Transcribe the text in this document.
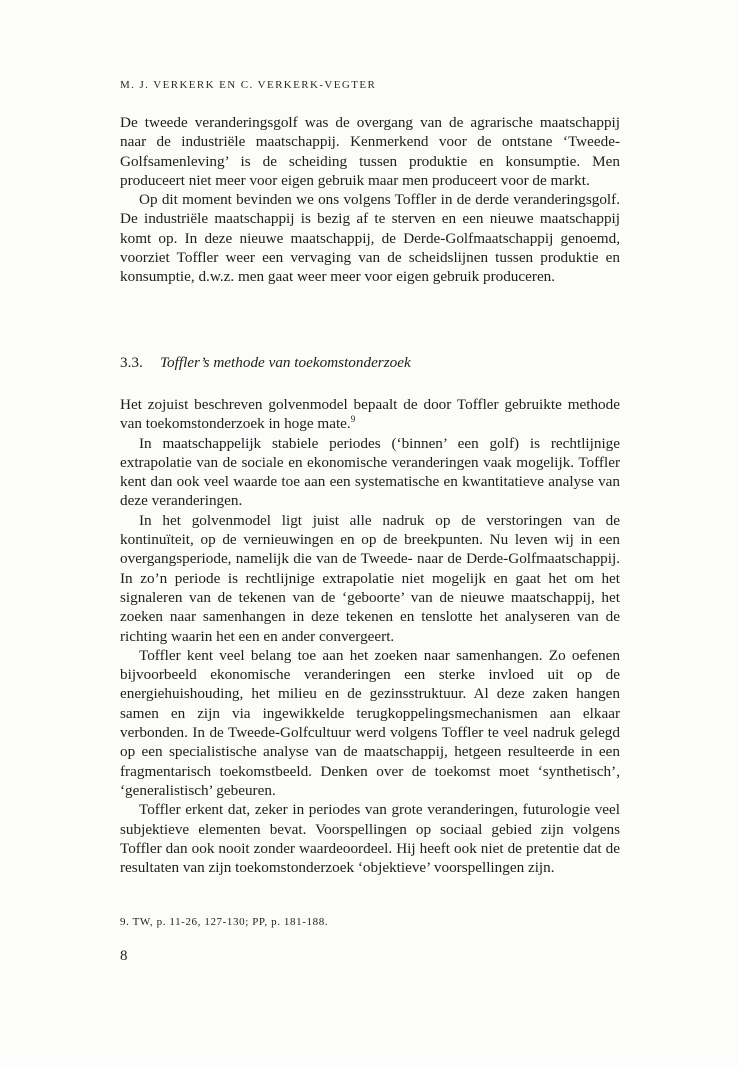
M. J. VERKERK EN C. VERKERK-VEGTER

De tweede veranderingsgolf was de overgang van de agrarische maatschappij naar de industriële maatschappij. Kenmerkend voor de ontstane ‘Tweede-Golfsamenleving’ is de scheiding tussen produktie en konsumptie. Men produceert niet meer voor eigen gebruik maar men produceert voor de markt.

Op dit moment bevinden we ons volgens Toffler in de derde veranderingsgolf. De industriële maatschappij is bezig af te sterven en een nieuwe maatschappij komt op. In deze nieuwe maatschappij, de Derde-Golfmaatschappij genoemd, voorziet Toffler weer een vervaging van de scheidslijnen tussen produktie en konsumptie, d.w.z. men gaat weer meer voor eigen gebruik produceren.

3.3. Toffler’s methode van toekomstonderzoek

Het zojuist beschreven golvenmodel bepaalt de door Toffler gebruikte methode van toekomstonderzoek in hoge mate.$^9$

In maatschappelijk stabiele periodes (‘binnen’ een golf) is rechtlijnige extrapolatie van de sociale en ekonomische veranderingen vaak mogelijk. Toffler kent dan ook veel waarde toe aan een systematische en kwantitatieve analyse van deze veranderingen.

In het golvenmodel ligt juist alle nadruk op de verstoringen van de kontinuïteit, op de vernieuwingen en op de breekpunten. Nu leven wij in een overgangsperiode, namelijk die van de Tweede- naar de Derde-Golfmaatschappij. In zo’n periode is rechtlijnige extrapolatie niet mogelijk en gaat het om het signaleren van de tekenen van de ‘geboorte’ van de nieuwe maatschappij, het zoeken naar samenhangen in deze tekenen en tenslotte het analyseren van de richting waarin het een en ander convergeert.

Toffler kent veel belang toe aan het zoeken naar samenhangen. Zo oefenen bijvoorbeeld ekonomische veranderingen een sterke invloed uit op de energiehuishouding, het milieu en de gezinsstruktuur. Al deze zaken hangen samen en zijn via ingewikkelde terugkoppelingsmechanismen aan elkaar verbonden. In de Tweede-Golfcultuur werd volgens Toffler te veel nadruk gelegd op een specialistische analyse van de maatschappij, hetgeen resulteerde in een fragmentarisch toekomstbeeld. Denken over de toekomst moet ‘synthetisch’, ‘generalistisch’ gebeuren.

Toffler erkent dat, zeker in periodes van grote veranderingen, futurologie veel subjektieve elementen bevat. Voorspellingen op sociaal gebied zijn volgens Toffler dan ook nooit zonder waardeoordeel. Hij heeft ook niet de pretentie dat de resultaten van zijn toekomstonderzoek ‘objektieve’ voorspellingen zijn.

9. TW, p. 11-26, 127-130; PP, p. 181-188.
8
